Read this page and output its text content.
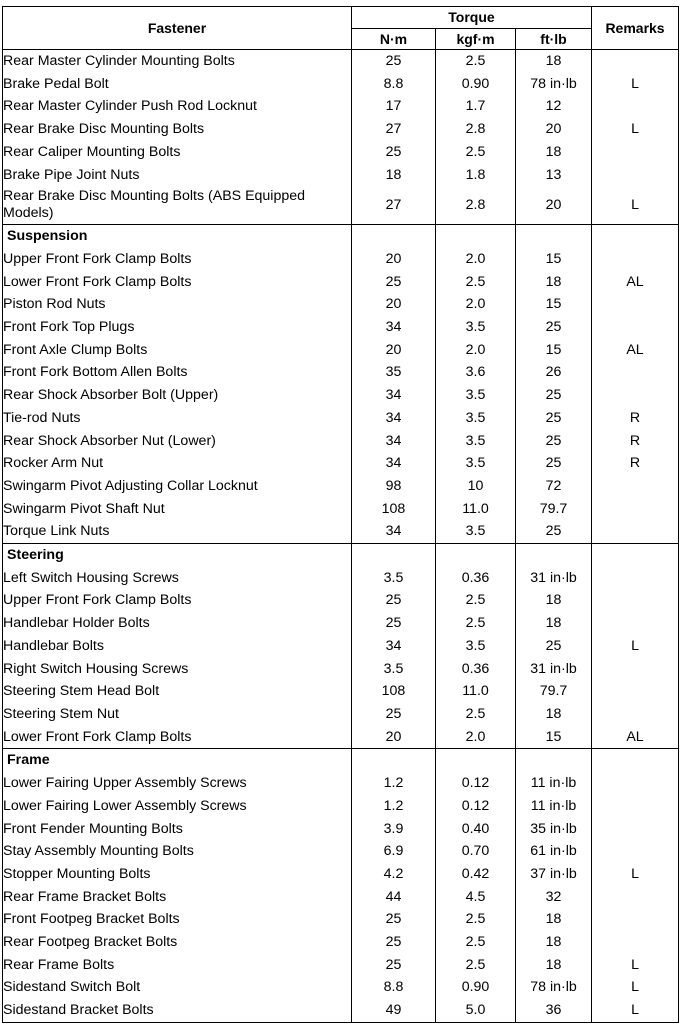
Fastener	Torque			Remarks
	N·m	kgf·m	ft·lb	
Rear Master Cylinder Mounting Bolts	25	2.5	18	
Brake Pedal Bolt	8.8	0.90	78 in·lb	L
Rear Master Cylinder Push Rod Locknut	17	1.7	12	
Rear Brake Disc Mounting Bolts	27	2.8	20	L
Rear Caliper Mounting Bolts	25	2.5	18	
Brake Pipe Joint Nuts	18	1.8	13	
Rear Brake Disc Mounting Bolts (ABS Equipped Models)	27	2.8	20	L
Suspension				
Upper Front Fork Clamp Bolts	20	2.0	15	
Lower Front Fork Clamp Bolts	25	2.5	18	AL
Piston Rod Nuts	20	2.0	15	
Front Fork Top Plugs	34	3.5	25	
Front Axle Clump Bolts	20	2.0	15	AL
Front Fork Bottom Allen Bolts	35	3.6	26	
Rear Shock Absorber Bolt (Upper)	34	3.5	25	
Tie-rod Nuts	34	3.5	25	R
Rear Shock Absorber Nut (Lower)	34	3.5	25	R
Rocker Arm Nut	34	3.5	25	R
Swingarm Pivot Adjusting Collar Locknut	98	10	72	
Swingarm Pivot Shaft Nut	108	11.0	79.7	
Torque Link Nuts	34	3.5	25	
Steering				
Left Switch Housing Screws	3.5	0.36	31 in·lb	
Upper Front Fork Clamp Bolts	25	2.5	18	
Handlebar Holder Bolts	25	2.5	18	
Handlebar Bolts	34	3.5	25	L
Right Switch Housing Screws	3.5	0.36	31 in·lb	
Steering Stem Head Bolt	108	11.0	79.7	
Steering Stem Nut	25	2.5	18	
Lower Front Fork Clamp Bolts	20	2.0	15	AL
Frame				
Lower Fairing Upper Assembly Screws	1.2	0.12	11 in·lb	
Lower Fairing Lower Assembly Screws	1.2	0.12	11 in·lb	
Front Fender Mounting Bolts	3.9	0.40	35 in·lb	
Stay Assembly Mounting Bolts	6.9	0.70	61 in·lb	
Stopper Mounting Bolts	4.2	0.42	37 in·lb	L
Rear Frame Bracket Bolts	44	4.5	32	
Front Footpeg Bracket Bolts	25	2.5	18	
Rear Footpeg Bracket Bolts	25	2.5	18	
Rear Frame Bolts	25	2.5	18	L
Sidestand Switch Bolt	8.8	0.90	78 in·lb	L
Sidestand Bracket Bolts	49	5.0	36	L
